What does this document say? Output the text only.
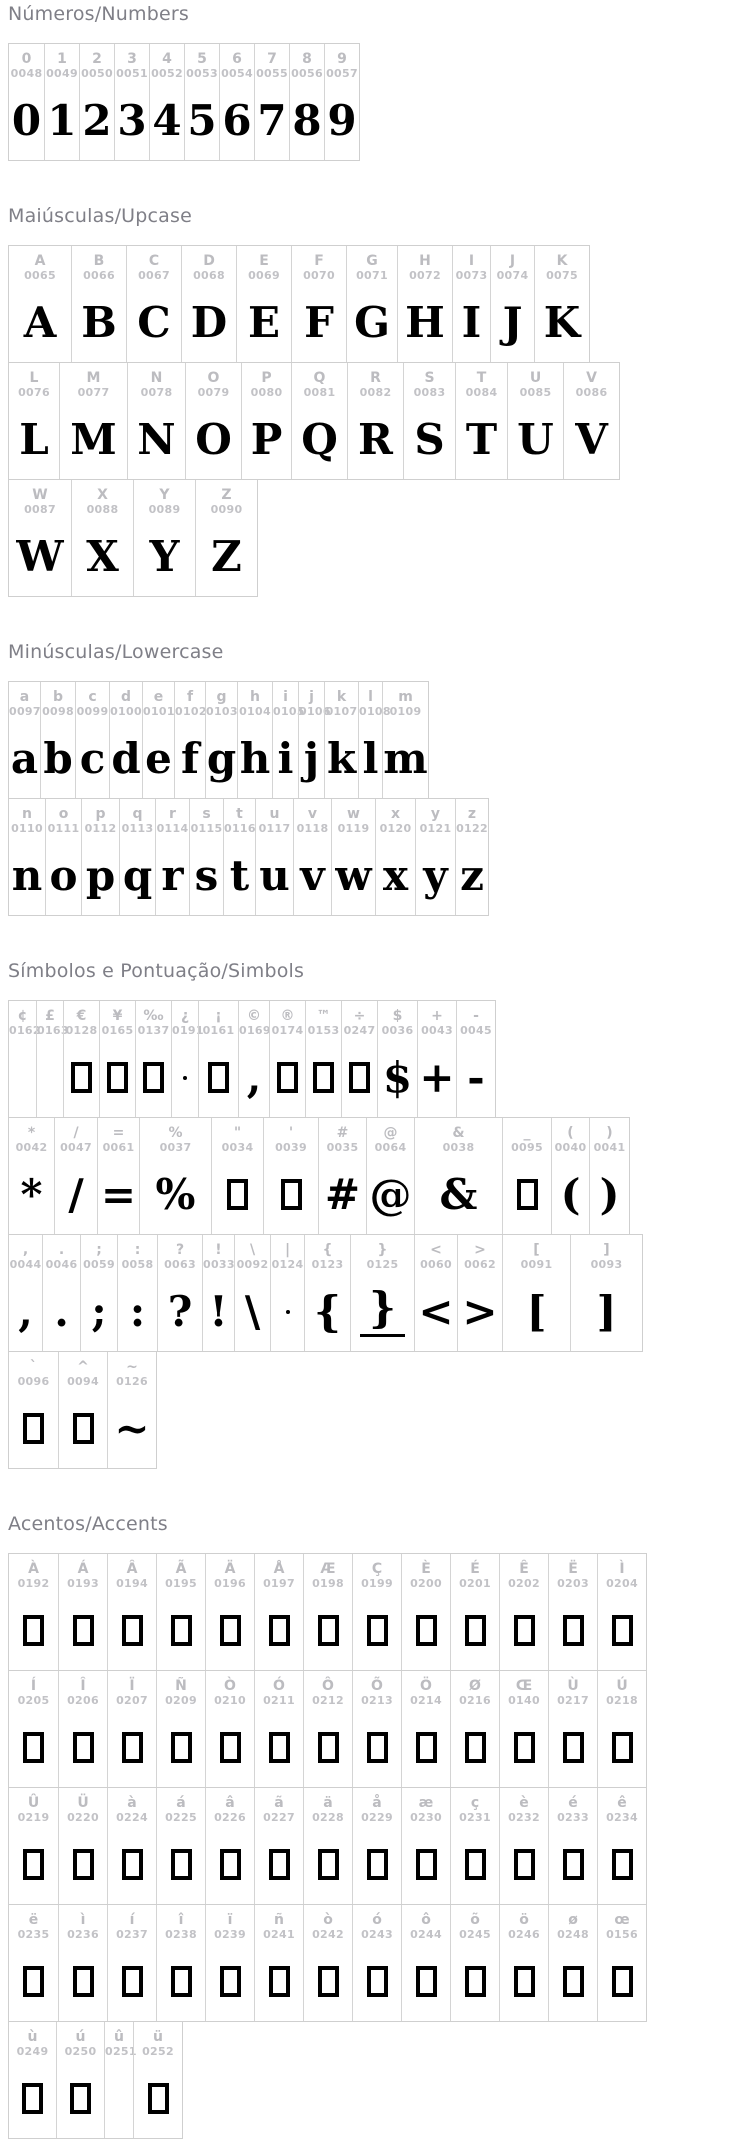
Números/Numbers
0
0048
0
1
0049
1
2
0050
2
3
0051
3
4
0052
4
5
0053
5
6
0054
6
7
0055
7
8
0056
8
9
0057
9
Maiúsculas/Upcase
A
0065
A
B
0066
B
C
0067
C
D
0068
D
E
0069
E
F
0070
F
G
0071
G
H
0072
H
I
0073
I
J
0074
J
K
0075
K
L
0076
L
M
0077
M
N
0078
N
O
0079
O
P
0080
P
Q
0081
Q
R
0082
R
S
0083
S
T
0084
T
U
0085
U
V
0086
V
W
0087
W
X
0088
X
Y
0089
Y
Z
0090
Z
Minúsculas/Lowercase
a
0097
a
b
0098
b
c
0099
c
d
0100
d
e
0101
e
f
0102
f
g
0103
g
h
0104
h
i
0105
i
j
0106
j
k
0107
k
l
0108
l
m
0109
m
n
0110
n
o
0111
o
p
0112
p
q
0113
q
r
0114
r
s
0115
s
t
0116
t
u
0117
u
v
0118
v
w
0119
w
x
0120
x
y
0121
y
z
0122
z
Símbolos e Pontuação/Simbols
¢
0162
£
0163
€
0128
¥
0165
‰
0137
¿
0191
¡
0161
©
0169
,
®
0174
™
0153
÷
0247
$
0036
$
+
0043
+
-
0045
-
*
0042
*
/
0047
/
=
0061
=
%
0037
%
"
0034
'
0039
#
0035
#
@
0064
@
&
0038
&
_
0095
(
0040
(
)
0041
)
,
0044
,
.
0046
.
;
0059
;
:
0058
:
?
0063
?
!
0033
!
\
0092
\
|
0124
{
0123
{
}
0125
}
<
0060
<
>
0062
>
[
0091
[
]
0093
]
`
0096
^
0094
~
0126
~
Acentos/Accents
À
0192
Á
0193
Â
0194
Ã
0195
Ä
0196
Å
0197
Æ
0198
Ç
0199
È
0200
É
0201
Ê
0202
Ë
0203
Ì
0204
Í
0205
Î
0206
Ï
0207
Ñ
0209
Ò
0210
Ó
0211
Ô
0212
Õ
0213
Ö
0214
Ø
0216
Œ
0140
Ù
0217
Ú
0218
Û
0219
Ü
0220
à
0224
á
0225
â
0226
ã
0227
ä
0228
å
0229
æ
0230
ç
0231
è
0232
é
0233
ê
0234
ë
0235
ì
0236
í
0237
î
0238
ï
0239
ñ
0241
ò
0242
ó
0243
ô
0244
õ
0245
ö
0246
ø
0248
œ
0156
ù
0249
ú
0250
û
0251
ü
0252
